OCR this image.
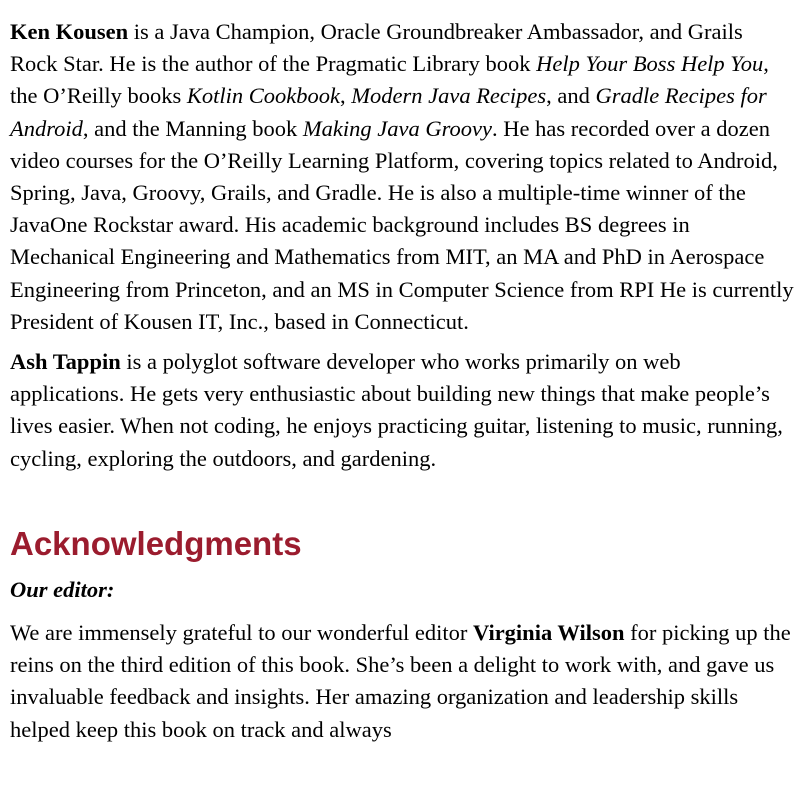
Ken Kousen is a Java Champion, Oracle Groundbreaker Ambassador, and Grails Rock Star. He is the author of the Pragmatic Library book Help Your Boss Help You, the O’Reilly books Kotlin Cookbook, Modern Java Recipes, and Gradle Recipes for Android, and the Manning book Making Java Groovy. He has recorded over a dozen video courses for the O’Reilly Learning Platform, covering topics related to Android, Spring, Java, Groovy, Grails, and Gradle. He is also a multiple-time winner of the JavaOne Rockstar award. His academic background includes BS degrees in Mechanical Engineering and Mathematics from MIT, an MA and PhD in Aerospace Engineering from Princeton, and an MS in Computer Science from RPI He is currently President of Kousen IT, Inc., based in Connecticut.

Ash Tappin is a polyglot software developer who works primarily on web applications. He gets very enthusiastic about building new things that make people’s lives easier. When not coding, he enjoys practicing guitar, listening to music, running, cycling, exploring the outdoors, and gardening.

Acknowledgments

Our editor:

We are immensely grateful to our wonderful editor Virginia Wilson for picking up the reins on the third edition of this book. She’s been a delight to work with, and gave us invaluable feedback and insights. Her amazing organization and leadership skills helped keep this book on track and always
